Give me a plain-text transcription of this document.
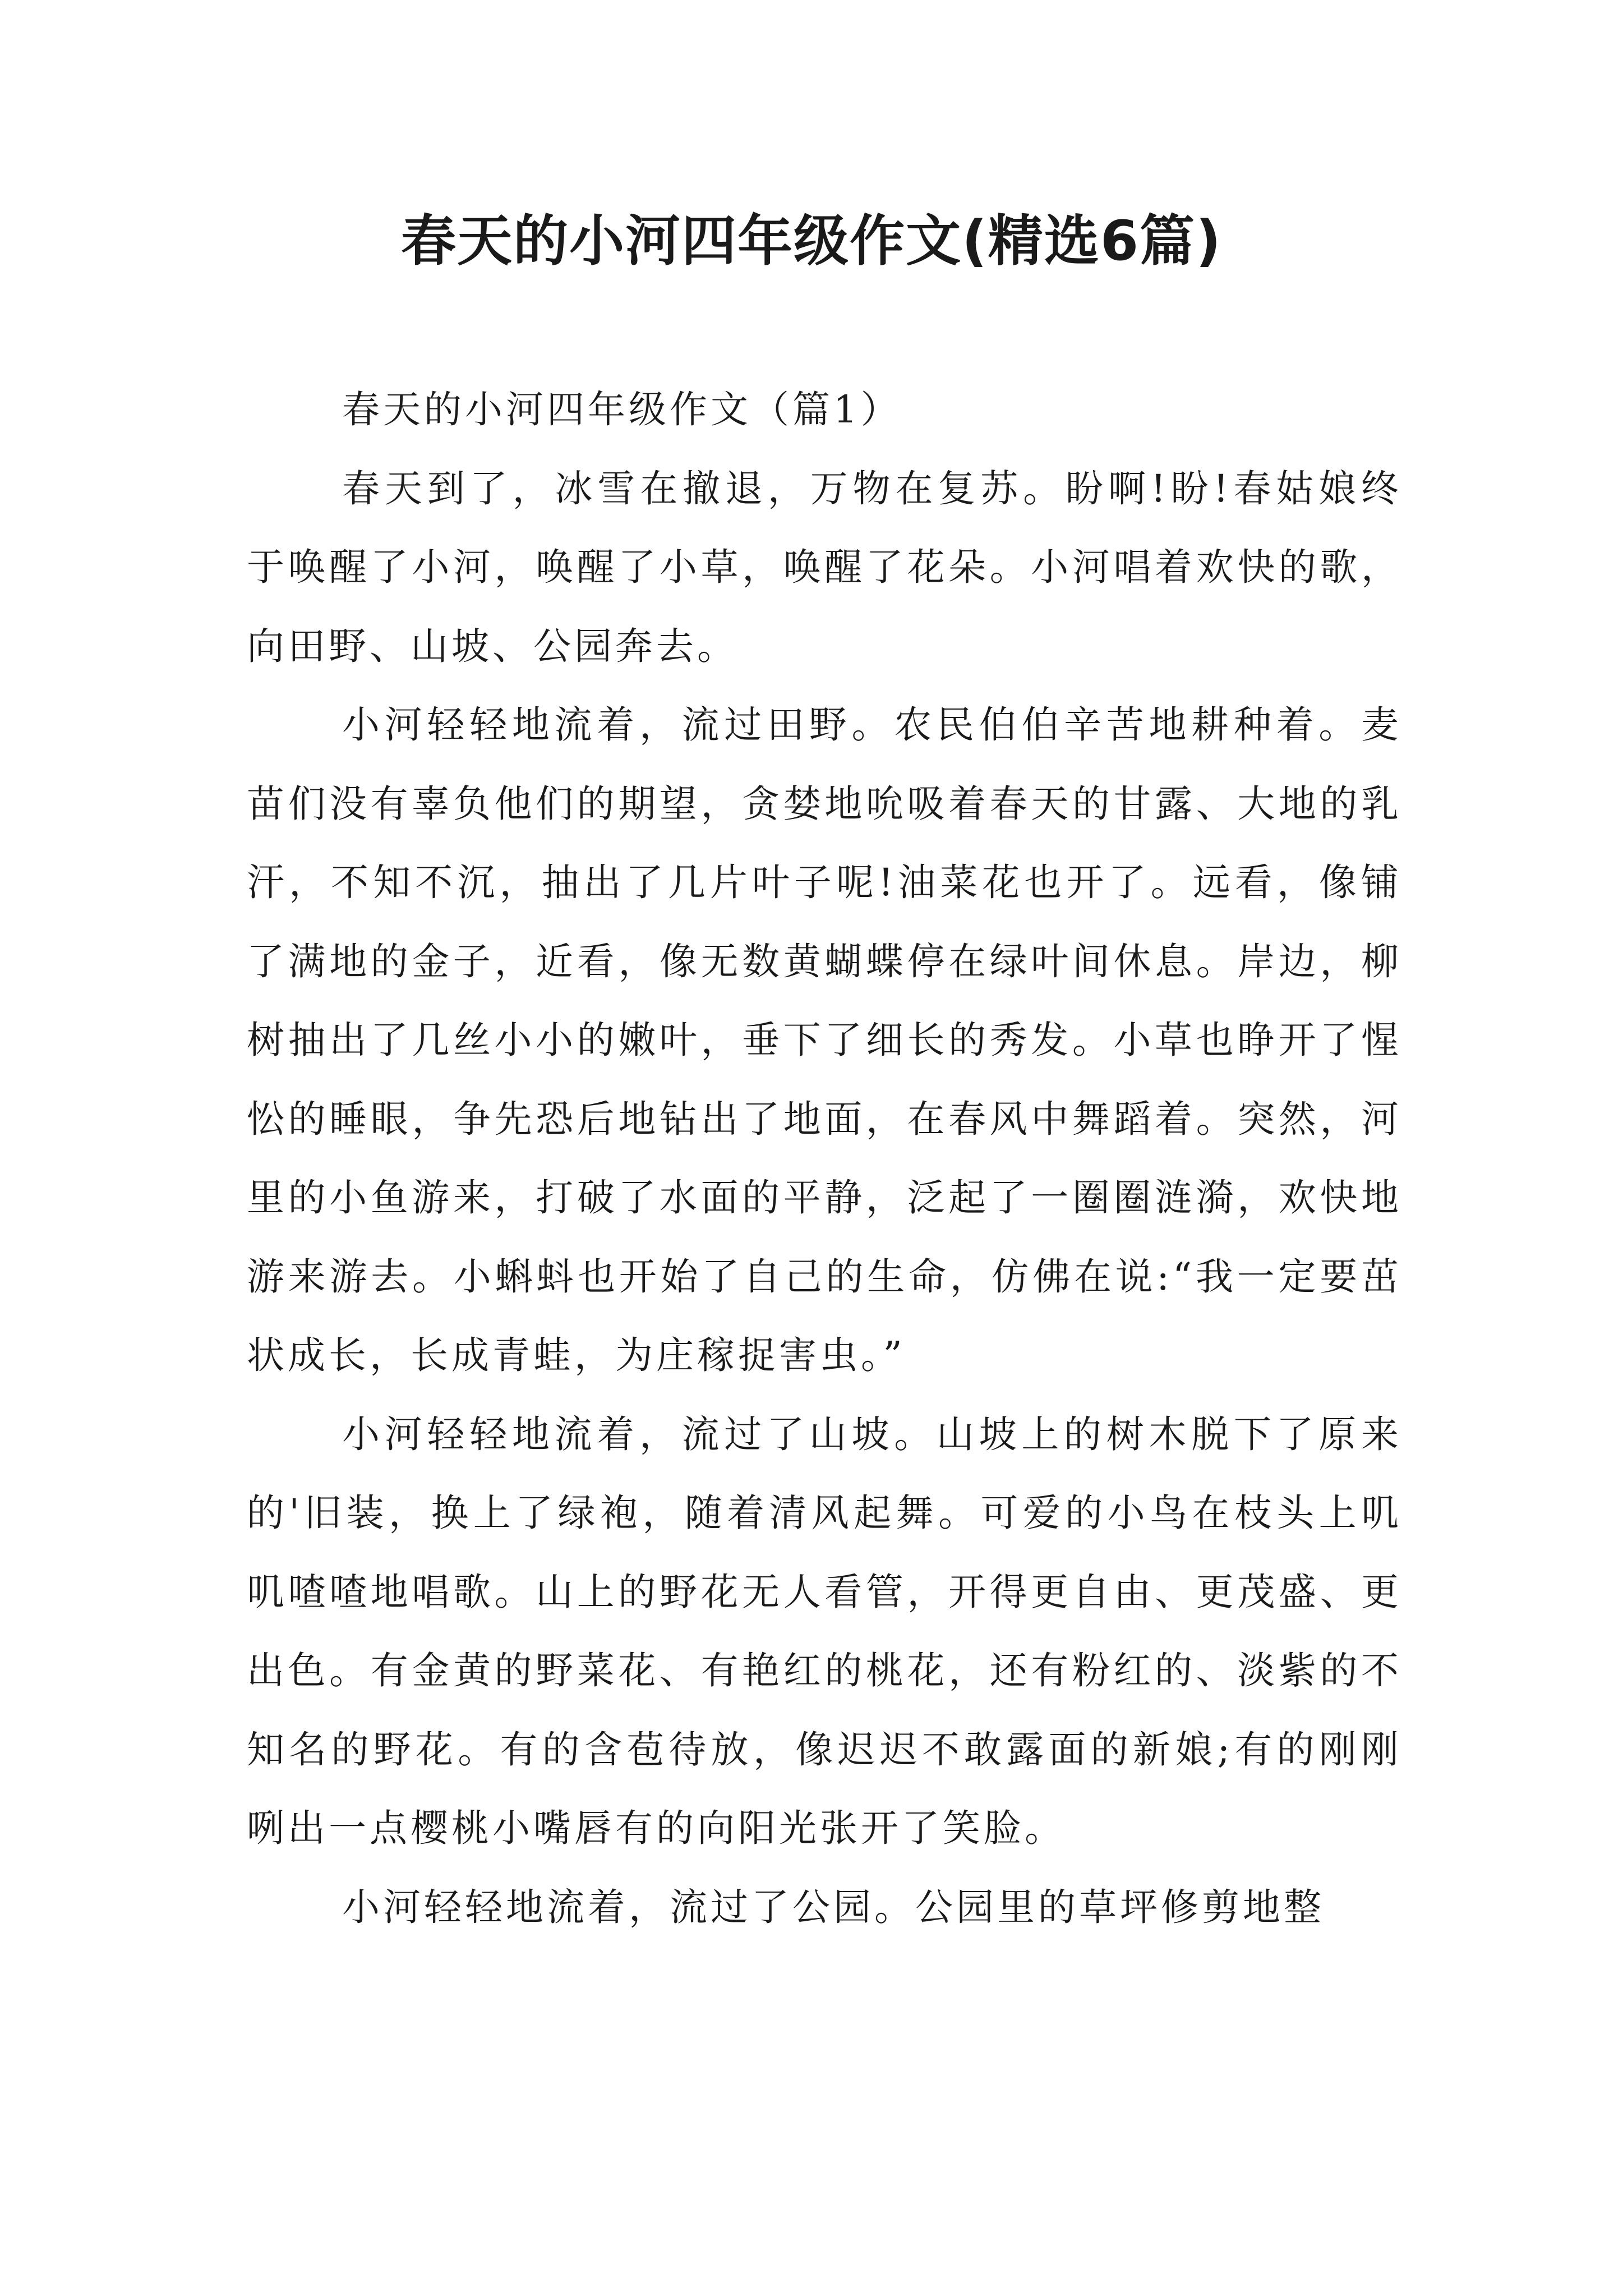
春天的小河四年级作文(精选6篇)

春天的小河四年级作文（篇1）

春天到了，冰雪在撤退，万物在复苏。盼啊!盼!春姑娘终于唤醒了小河，唤醒了小草，唤醒了花朵。小河唱着欢快的歌，向田野、山坡、公园奔去。

小河轻轻地流着，流过田野。农民伯伯辛苦地耕种着。麦苗们没有辜负他们的期望，贪婪地吮吸着春天的甘露、大地的乳汗，不知不沉，抽出了几片叶子呢!油菜花也开了。远看，像铺了满地的金子，近看，像无数黄蝴蝶停在绿叶间休息。岸边，柳树抽出了几丝小小的嫩叶，垂下了细长的秀发。小草也睁开了惺忪的睡眼，争先恐后地钻出了地面，在春风中舞蹈着。突然，河里的小鱼游来，打破了水面的平静，泛起了一圈圈涟漪，欢快地游来游去。小蝌蚪也开始了自己的生命，仿佛在说:“我一定要茁状成长，长成青蛙，为庄稼捉害虫。”

小河轻轻地流着，流过了山坡。山坡上的树木脱下了原来的'旧装，换上了绿袍，随着清风起舞。可爱的小鸟在枝头上叽叽喳喳地唱歌。山上的野花无人看管，开得更自由、更茂盛、更出色。有金黄的野菜花、有艳红的桃花，还有粉红的、淡紫的不知名的野花。有的含苞待放，像迟迟不敢露面的新娘;有的刚刚咧出一点樱桃小嘴唇有的向阳光张开了笑脸。

小河轻轻地流着，流过了公园。公园里的草坪修剪地整
